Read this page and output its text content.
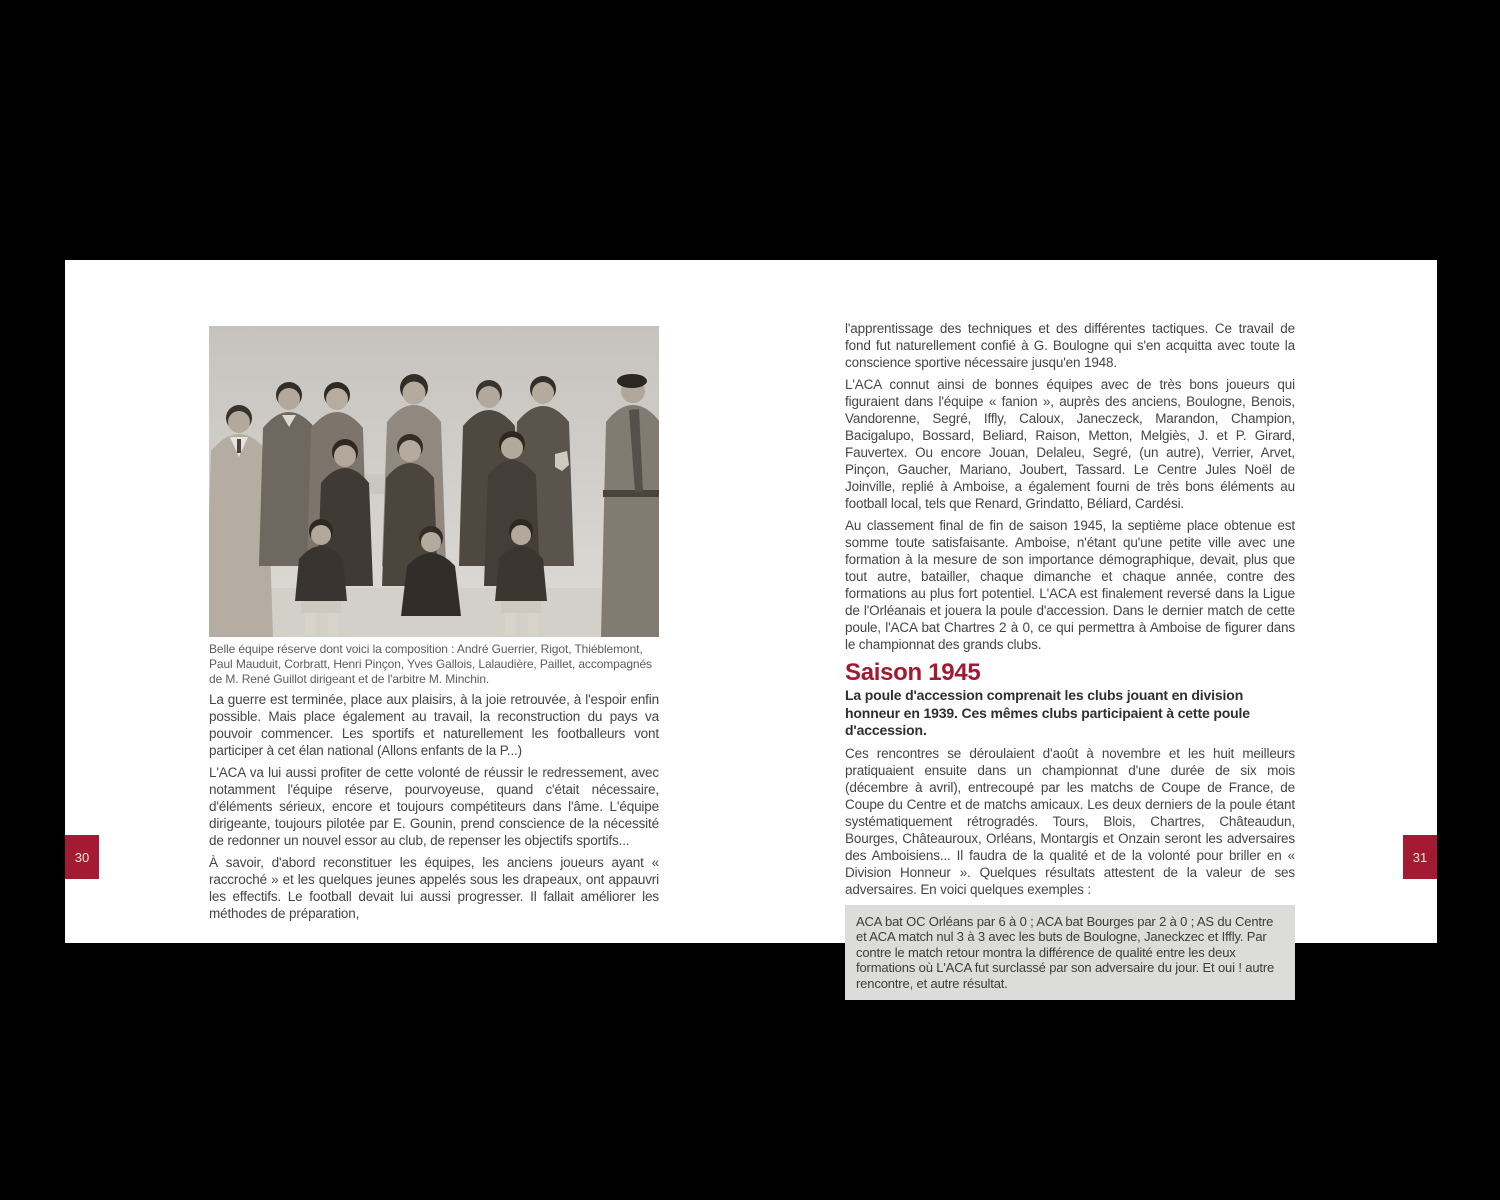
Belle équipe réserve dont voici la composition : André Guerrier, Rigot, Thiéblemont, Paul Mauduit, Corbratt, Henri Pinçon, Yves Gallois, Lalaudière, Paillet, accompagnés de M. René Guillot dirigeant et de l'arbitre M. Minchin.

La guerre est terminée, place aux plaisirs, à la joie retrouvée, à l'espoir enfin possible. Mais place également au travail, la reconstruction du pays va pouvoir commencer. Les sportifs et naturellement les footballeurs vont participer à cet élan national (Allons enfants de la P...)

L'ACA va lui aussi profiter de cette volonté de réussir le redressement, avec notamment l'équipe réserve, pourvoyeuse, quand c'était nécessaire, d'éléments sérieux, encore et toujours compétiteurs dans l'âme. L'équipe dirigeante, toujours pilotée par E. Gounin, prend conscience de la nécessité de redonner un nouvel essor au club, de repenser les objectifs sportifs...

À savoir, d'abord reconstituer les équipes, les anciens joueurs ayant « raccroché » et les quelques jeunes appelés sous les drapeaux, ont appauvri les effectifs. Le football devait lui aussi progresser. Il fallait améliorer les méthodes de préparation,

30

l'apprentissage des techniques et des différentes tactiques. Ce travail de fond fut naturellement confié à G. Boulogne qui s'en acquitta avec toute la conscience sportive nécessaire jusqu'en 1948.

L'ACA connut ainsi de bonnes équipes avec de très bons joueurs qui figuraient dans l'équipe « fanion », auprès des anciens, Boulogne, Benois, Vandorenne, Segré, Iffly, Caloux, Janeczeck, Marandon, Champion, Bacigalupo, Bossard, Beliard, Raison, Metton, Melgiès, J. et P. Girard, Fauvertex. Ou encore Jouan, Delaleu, Segré, (un autre), Verrier, Arvet, Pinçon, Gaucher, Mariano, Joubert, Tassard. Le Centre Jules Noël de Joinville, replié à Amboise, a également fourni de très bons éléments au football local, tels que Renard, Grindatto, Béliard, Cardési.

Au classement final de fin de saison 1945, la septième place obtenue est somme toute satisfaisante. Amboise, n'étant qu'une petite ville avec une formation à la mesure de son importance démographique, devait, plus que tout autre, batailler, chaque dimanche et chaque année, contre des formations au plus fort potentiel. L'ACA est finalement reversé dans la Ligue de l'Orléanais et jouera la poule d'accession. Dans le dernier match de cette poule, l'ACA bat Chartres 2 à 0, ce qui permettra à Amboise de figurer dans le championnat des grands clubs.

Saison 1945

La poule d'accession comprenait les clubs jouant en division honneur en 1939. Ces mêmes clubs participaient à cette poule d'accession.

Ces rencontres se déroulaient d'août à novembre et les huit meilleurs pratiquaient ensuite dans un championnat d'une durée de six mois (décembre à avril), entrecoupé par les matchs de Coupe de France, de Coupe du Centre et de matchs amicaux. Les deux derniers de la poule étant systématiquement rétrogradés. Tours, Blois, Chartres, Châteaudun, Bourges, Châteauroux, Orléans, Montargis et Onzain seront les adversaires des Amboisiens... Il faudra de la qualité et de la volonté pour briller en « Division Honneur ». Quelques résultats attestent de la valeur de ses adversaires. En voici quelques exemples :

ACA bat OC Orléans par 6 à 0 ; ACA bat Bourges par 2 à 0 ; AS du Centre et ACA match nul 3 à 3 avec les buts de Boulogne, Janeckzec et Iffly. Par contre le match retour montra la différence de qualité entre les deux formations où L'ACA fut surclassé par son adversaire du jour. Et oui ! autre rencontre, et autre résultat.

31
